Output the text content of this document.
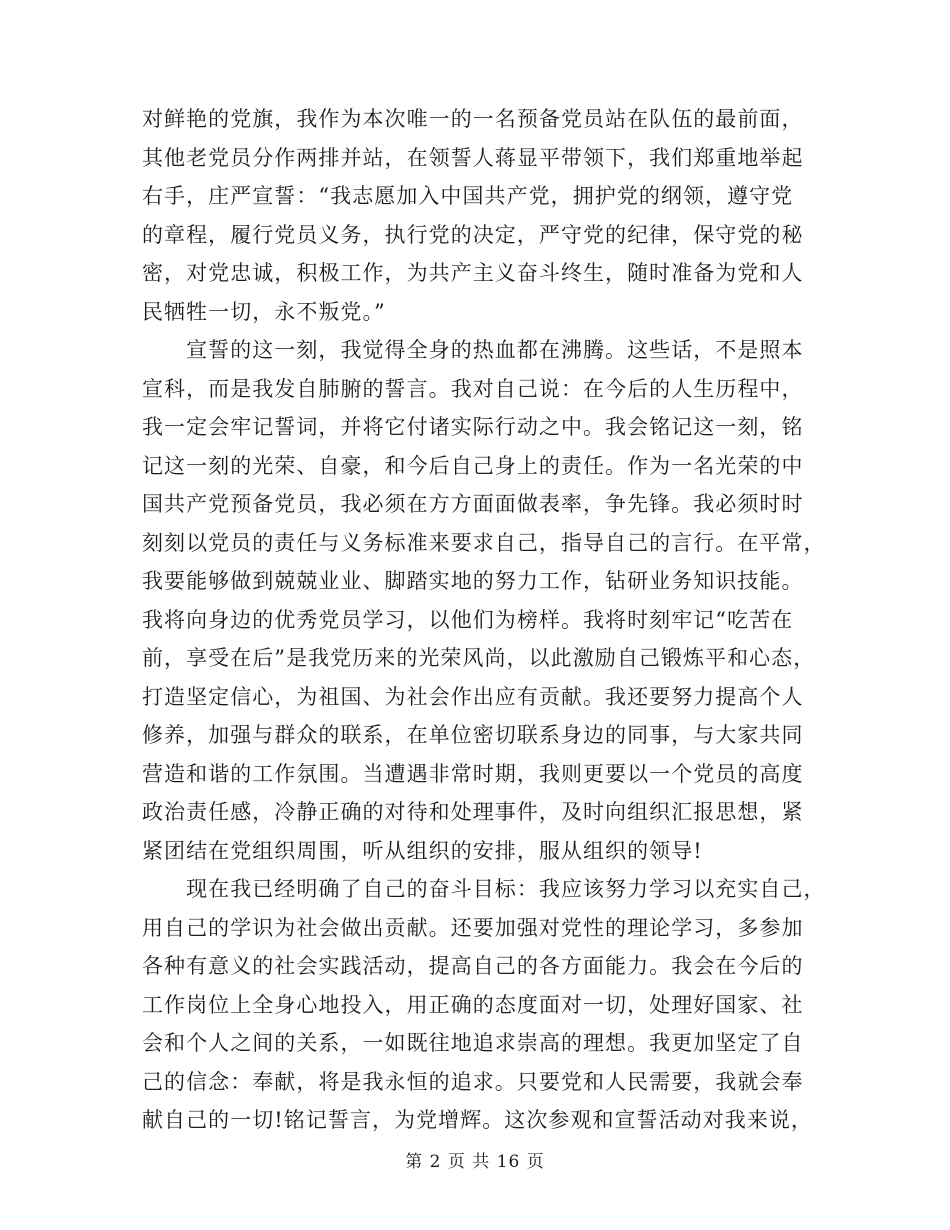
对鲜艳的党旗，我作为本次唯一的一名预备党员站在队伍的最前面，
其他老党员分作两排并站，在领誓人蒋显平带领下，我们郑重地举起
右手，庄严宣誓：“我志愿加入中国共产党，拥护党的纲领，遵守党
的章程，履行党员义务，执行党的决定，严守党的纪律，保守党的秘
密，对党忠诚，积极工作，为共产主义奋斗终生，随时准备为党和人
民牺牲一切，永不叛党。”
　　宣誓的这一刻，我觉得全身的热血都在沸腾。这些话，不是照本
宣科，而是我发自肺腑的誓言。我对自己说：在今后的人生历程中，
我一定会牢记誓词，并将它付诸实际行动之中。我会铭记这一刻，铭
记这一刻的光荣、自豪，和今后自己身上的责任。作为一名光荣的中
国共产党预备党员，我必须在方方面面做表率，争先锋。我必须时时
刻刻以党员的责任与义务标准来要求自己，指导自己的言行。在平常，
我要能够做到兢兢业业、脚踏实地的努力工作，钻研业务知识技能。
我将向身边的优秀党员学习，以他们为榜样。我将时刻牢记“吃苦在
前，享受在后”是我党历来的光荣风尚，以此激励自己锻炼平和心态，
打造坚定信心，为祖国、为社会作出应有贡献。我还要努力提高个人
修养，加强与群众的联系，在单位密切联系身边的同事，与大家共同
营造和谐的工作氛围。当遭遇非常时期，我则更要以一个党员的高度
政治责任感，冷静正确的对待和处理事件，及时向组织汇报思想，紧
紧团结在党组织周围，听从组织的安排，服从组织的领导!
　　现在我已经明确了自己的奋斗目标：我应该努力学习以充实自己，
用自己的学识为社会做出贡献。还要加强对党性的理论学习，多参加
各种有意义的社会实践活动，提高自己的各方面能力。我会在今后的
工作岗位上全身心地投入，用正确的态度面对一切，处理好国家、社
会和个人之间的关系，一如既往地追求崇高的理想。我更加坚定了自
己的信念：奉献，将是我永恒的追求。只要党和人民需要，我就会奉
献自己的一切!铭记誓言，为党增辉。这次参观和宣誓活动对我来说，
第 2 页 共 16 页
